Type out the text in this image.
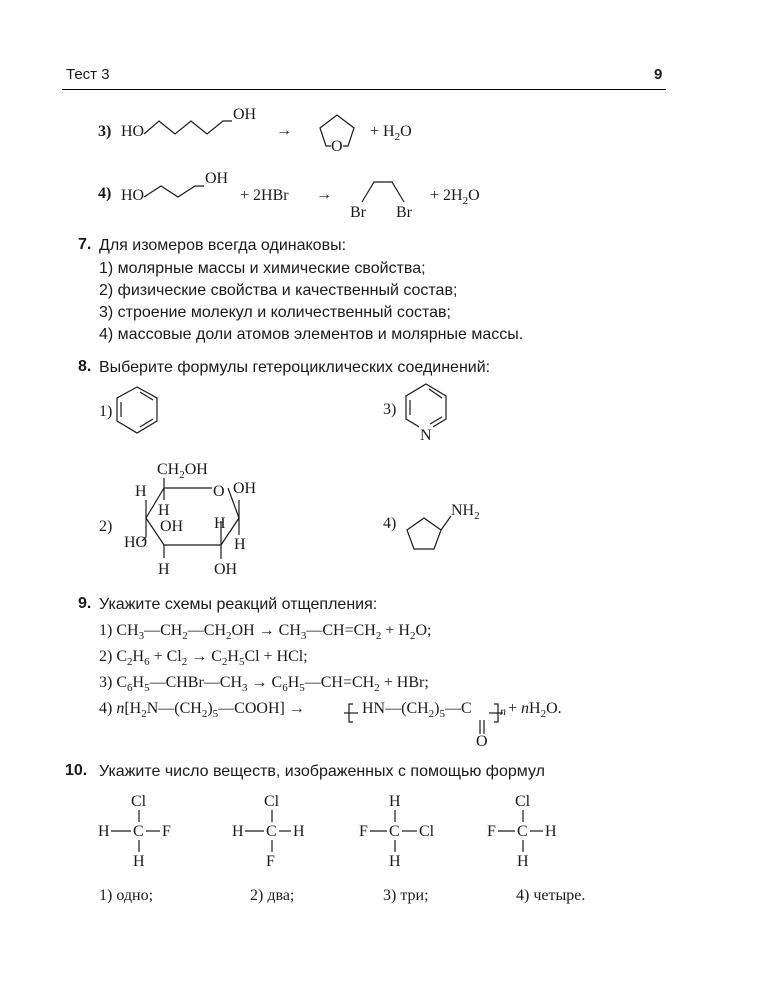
Тест 3	9
3) HO	→
O
→
Br Br
OH
+ $H_2O$
4) HO
OH
+ 2HBr	+ $2H_2O$
7. Для изомеров всегда одинаковы:
1) молярные массы и химические свойства;
2) физические свойства и качественный состав;
3) строение молекул и количественный состав;
4) массовые доли атомов элементов и молярные массы.
8. Выберите формулы гетероциклических соединений:
1)	3)
2)	4)
N
$CH_2OH$
H	O OH
H
OH H
HO	H
H	OH
$NH_2$
9. Укажите схемы реакций отщепления:
1) $CH_3—CH_2—CH_2OH$ → $CH_3—CH=CH_2 + H_2O$;
2) $C_2H_6 + Cl_2 \to C_2H_5Cl$ + HCl;
3) $C_6H_5—CHBr—CH_3$ → $C_6H_5—CH=CH_2$ + HBr;
4) $n[H_2N—(CH_2)_5—COOH]$ →	$HN—(CH_2)_5—C$ $n + nH_2O$.
O
10. Укажите число веществ, изображенных с помощью формул
Cl
H C F
H
Cl
H C H
F
H
F C Cl
H
Cl
F C H
H
1) одно;	2) два;	3) три;	4) четыре.
